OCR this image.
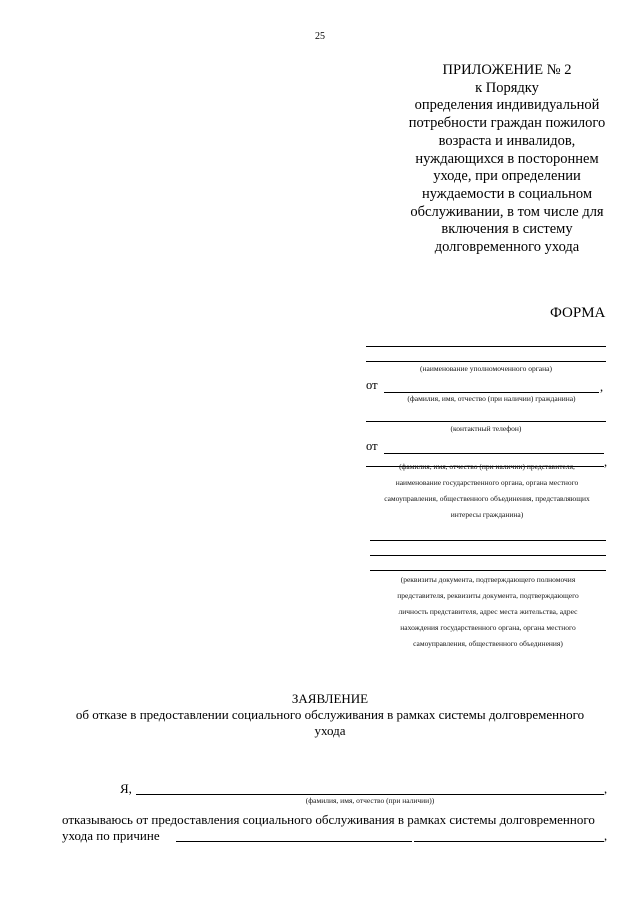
25
ПРИЛОЖЕНИЕ № 2
к Порядку
определения индивидуальной
потребности граждан пожилого
возраста и инвалидов,
нуждающихся в постороннем
уходе, при определении
нуждаемости в социальном
обслуживании, в том числе для
включения в систему
долговременного ухода
ФОРМА
(наименование уполномоченного органа)
от	,
(фамилия, имя, отчество (при наличии) гражданина)
(контактный телефон)
от
,
(фамилия, имя, отчество (при наличии) представителя,
наименование государственного органа, органа местного
самоуправления, общественного объединения, представляющих
интересы гражданина)
(реквизиты документа, подтверждающего полномочия
представителя, реквизиты документа, подтверждающего
личность представителя, адрес места жительства, адрес
нахождения государственного органа, органа местного
самоуправления, общественного объединения)
ЗАЯВЛЕНИЕ
об отказе в предоставлении социального обслуживания в рамках системы долговременного ухода
Я,	,
(фамилия, имя, отчество (при наличии))
отказываюсь от предоставления социального обслуживания в рамках системы долговременного
ухода по причине	,
